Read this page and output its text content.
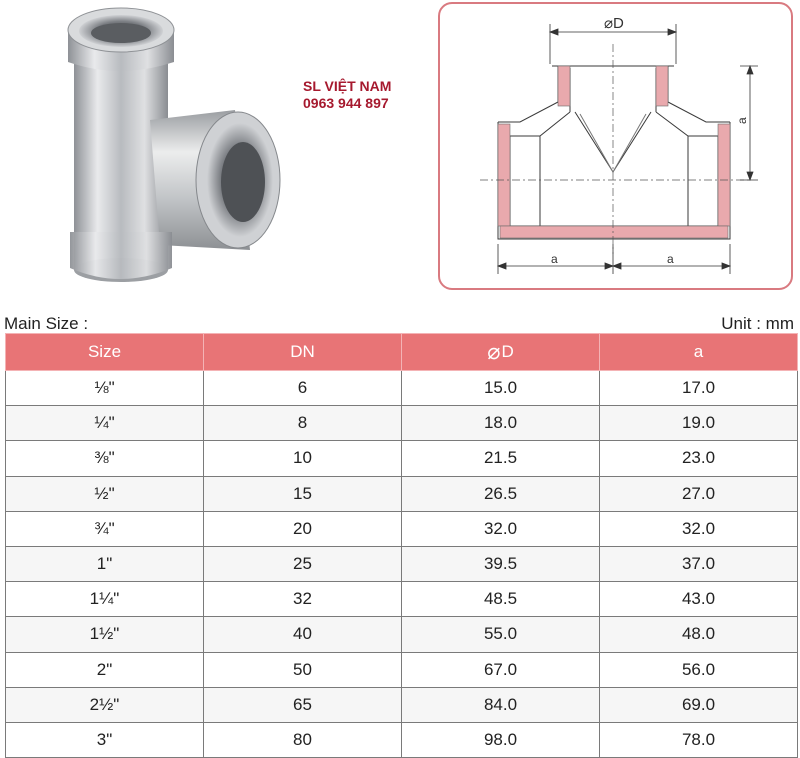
SL VIỆT NAM
0963 944 897
⌀D
a
a	a
Main Size :	Unit : mm
Size	DN	⌀D	a
⅛"	6	15.0	17.0
¼"	8	18.0	19.0
⅜"	10	21.5	23.0
½"	15	26.5	27.0
¾"	20	32.0	32.0
1"	25	39.5	37.0
1¼"	32	48.5	43.0
1½"	40	55.0	48.0
2"	50	67.0	56.0
2½"	65	84.0	69.0
3"	80	98.0	78.0
